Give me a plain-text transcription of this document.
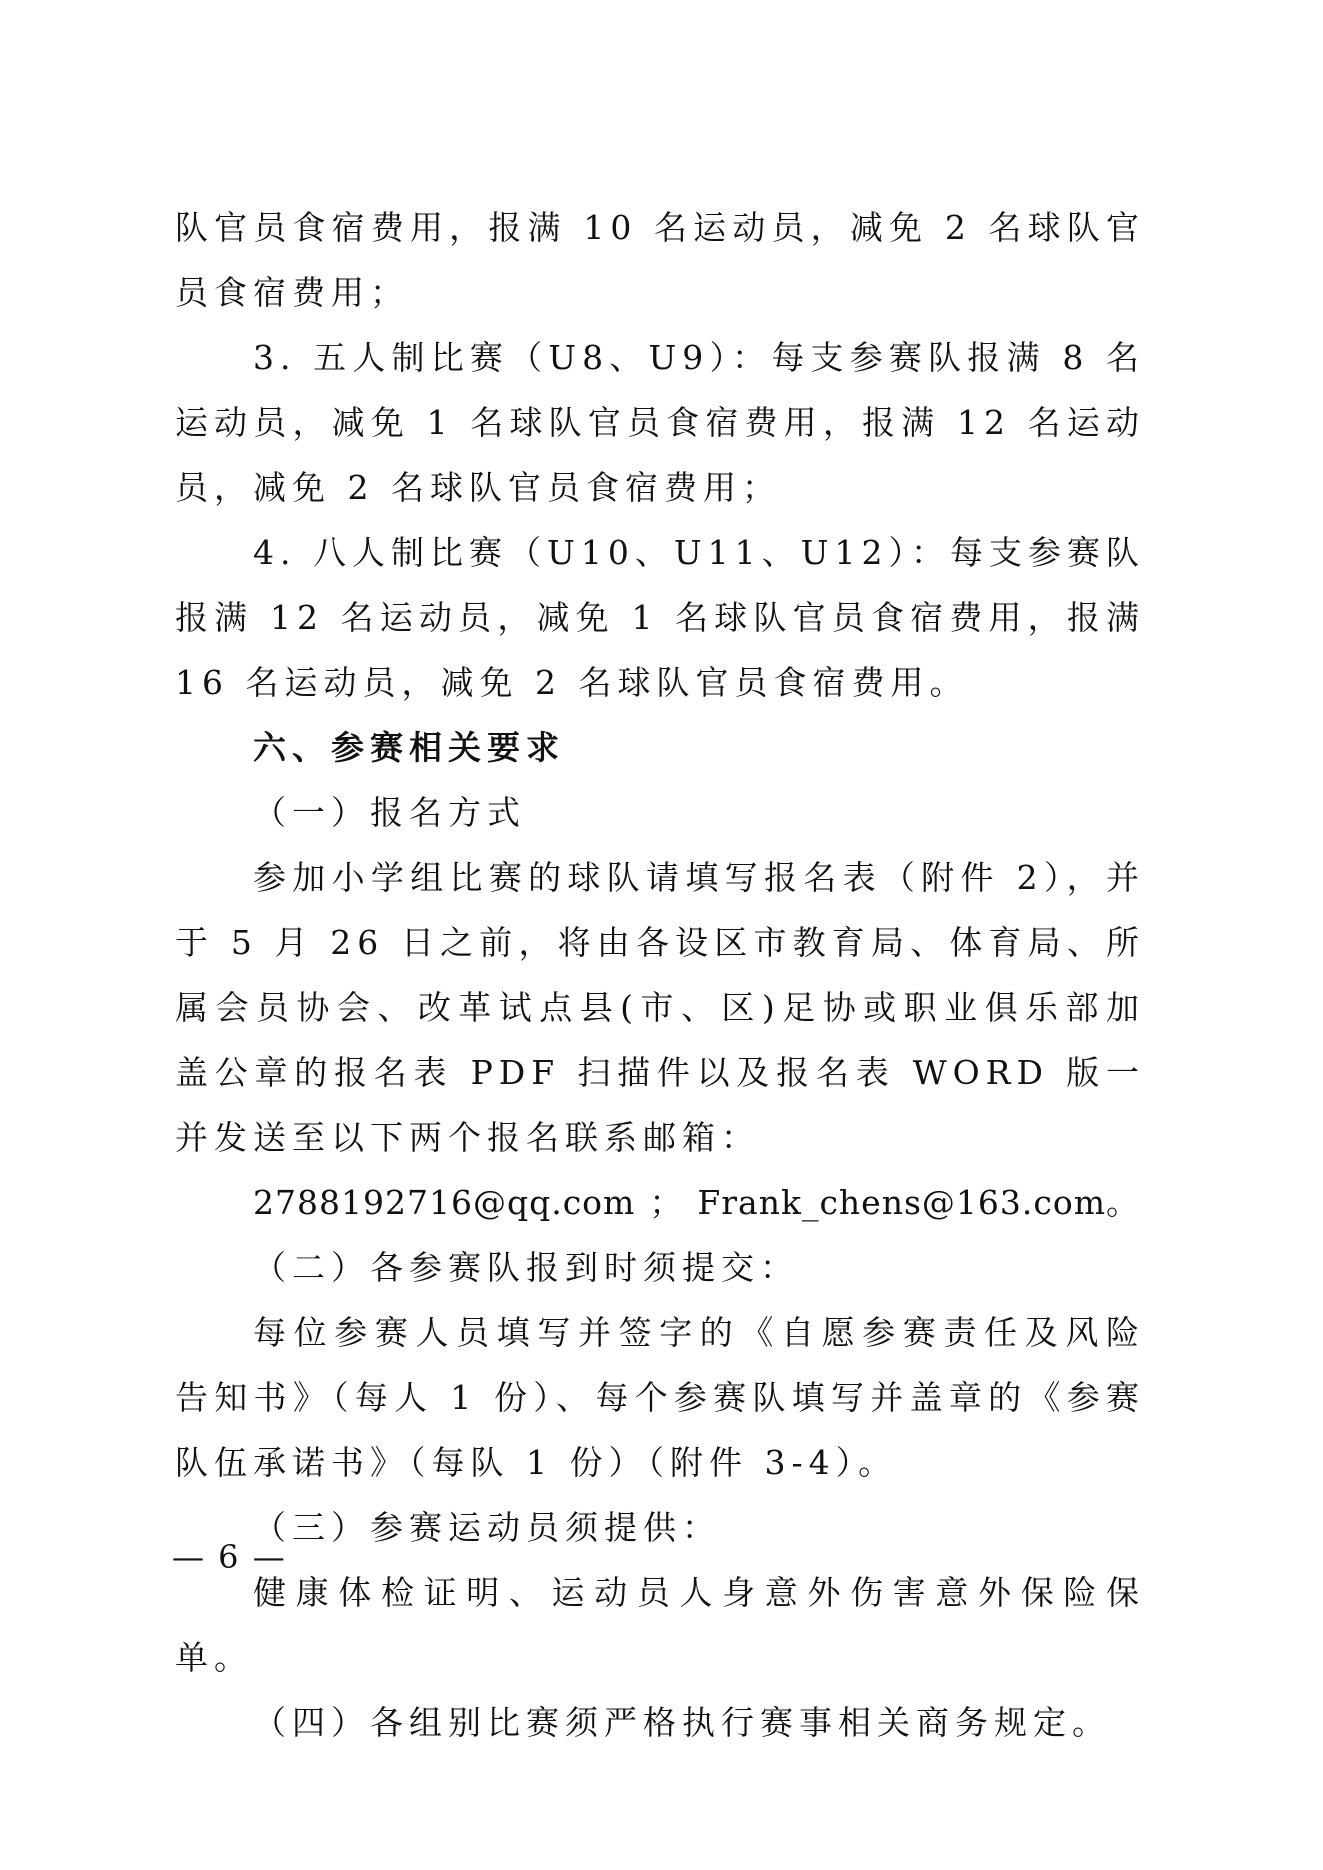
队官员食宿费用，报满 10 名运动员，减免 2 名球队官员食宿费用；

3. 五人制比赛（U8、U9）：每支参赛队报满 8 名运动员，减免 1 名球队官员食宿费用，报满 12 名运动员，减免 2 名球队官员食宿费用；

4. 八人制比赛（U10、U11、U12）：每支参赛队报满 12 名运动员，减免 1 名球队官员食宿费用，报满 16 名运动员，减免 2 名球队官员食宿费用。

六、参赛相关要求

（一）报名方式

参加小学组比赛的球队请填写报名表（附件 2），并于 5 月 26 日之前，将由各设区市教育局、体育局、所属会员协会、改革试点县(市、区)足协或职业俱乐部加盖公章的报名表 PDF 扫描件以及报名表 WORD 版一并发送至以下两个报名联系邮箱：

2788192716@qq.com ； Frank_chens@163.com。

（二）各参赛队报到时须提交：

每位参赛人员填写并签字的《自愿参赛责任及风险告知书》（每人 1 份）、每个参赛队填写并盖章的《参赛队伍承诺书》（每队 1 份）（附件 3-4）。

（三）参赛运动员须提供：

健康体检证明、运动员人身意外伤害意外保险保单。

（四）各组别比赛须严格执行赛事相关商务规定。

— 6 —
